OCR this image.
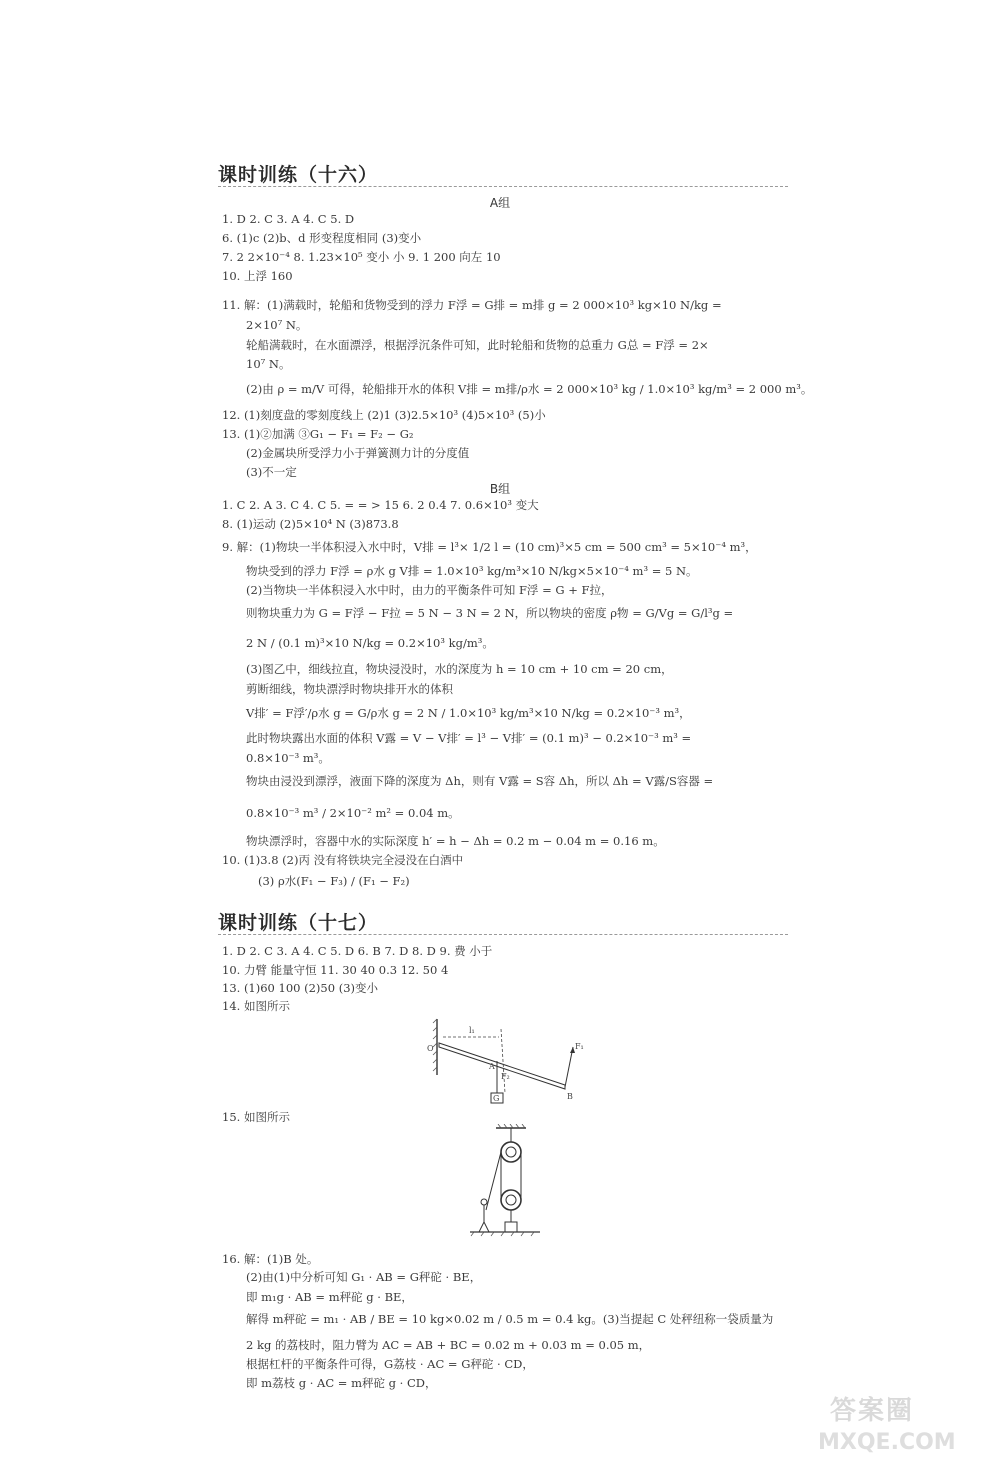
课时训练（十六）
A组
1. D 2. C 3. A 4. C 5. D
6. (1)c (2)b、d 形变程度相同 (3)变小
7. 2 2×10⁻⁴ 8. 1.23×10⁵ 变小 小 9. 1 200 向左 10
10. 上浮 160
11. 解：(1)满载时，轮船和货物受到的浮力 F浮 = G排 = m排 g = 2 000×10³ kg×10 N/kg =
2×10⁷ N。
轮船满载时，在水面漂浮，根据浮沉条件可知，此时轮船和货物的总重力 G总 = F浮 = 2×
10⁷ N。
(2)由 ρ = m/V 可得，轮船排开水的体积 V排 = m排/ρ水 = 2 000×10³ kg / 1.0×10³ kg/m³ = 2 000 m³。
12. (1)刻度盘的零刻度线上 (2)1 (3)2.5×10³ (4)5×10³ (5)小
13. (1)②加满 ③G₁ − F₁ = F₂ − G₂
(2)金属块所受浮力小于弹簧测力计的分度值
(3)不一定
B组
1. C 2. A 3. C 4. C 5. = = > 15 6. 2 0.4 7. 0.6×10³ 变大
8. (1)运动 (2)5×10⁴ N (3)873.8
9. 解：(1)物块一半体积浸入水中时，V排 = l³× 1/2 l = (10 cm)³×5 cm = 500 cm³ = 5×10⁻⁴ m³，
物块受到的浮力 F浮 = ρ水 g V排 = 1.0×10³ kg/m³×10 N/kg×5×10⁻⁴ m³ = 5 N。
(2)当物块一半体积浸入水中时，由力的平衡条件可知 F浮 = G + F拉，
则物块重力为 G = F浮 − F拉 = 5 N − 3 N = 2 N，所以物块的密度 ρ物 = G/Vg = G/l³g =
2 N / (0.1 m)³×10 N/kg = 0.2×10³ kg/m³。
(3)图乙中，细线拉直，物块浸没时，水的深度为 h = 10 cm + 10 cm = 20 cm，
剪断细线，物块漂浮时物块排开水的体积
V排′ = F浮′/ρ水 g = G/ρ水 g = 2 N / 1.0×10³ kg/m³×10 N/kg = 0.2×10⁻³ m³，
此时物块露出水面的体积 V露 = V − V排′ = l³ − V排′ = (0.1 m)³ − 0.2×10⁻³ m³ =
0.8×10⁻³ m³。
物块由浸没到漂浮，液面下降的深度为 Δh，则有 V露 = S容 Δh，所以 Δh = V露/S容器 =
0.8×10⁻³ m³ / 2×10⁻² m² = 0.04 m。
物块漂浮时，容器中水的实际深度 h′ = h − Δh = 0.2 m − 0.04 m = 0.16 m。
10. (1)3.8 (2)丙 没有将铁块完全浸没在白酒中
(3) ρ水(F₁ − F₃) / (F₁ − F₂)
课时训练（十七）
1. D 2. C 3. A 4. C 5. D 6. B 7. D 8. D 9. 费 小于
10. 力臂 能量守恒 11. 30 40 0.3 12. 50 4
13. (1)60 100 (2)50 (3)变小
14. 如图所示
l₁
O
A
F₁
F₂
B
G
15. 如图所示
16. 解：(1)B 处。
(2)由(1)中分析可知 G₁ · AB = G秤砣 · BE，
即 m₁g · AB = m秤砣 g · BE，
解得 m秤砣 = m₁ · AB / BE = 10 kg×0.02 m / 0.5 m = 0.4 kg。(3)当提起 C 处秤纽称一袋质量为
2 kg 的荔枝时，阻力臂为 AC = AB + BC = 0.02 m + 0.03 m = 0.05 m，
根据杠杆的平衡条件可得，G荔枝 · AC = G秤砣 · CD，
即 m荔枝 g · AC = m秤砣 g · CD，
答案圈
MXQE.COM
